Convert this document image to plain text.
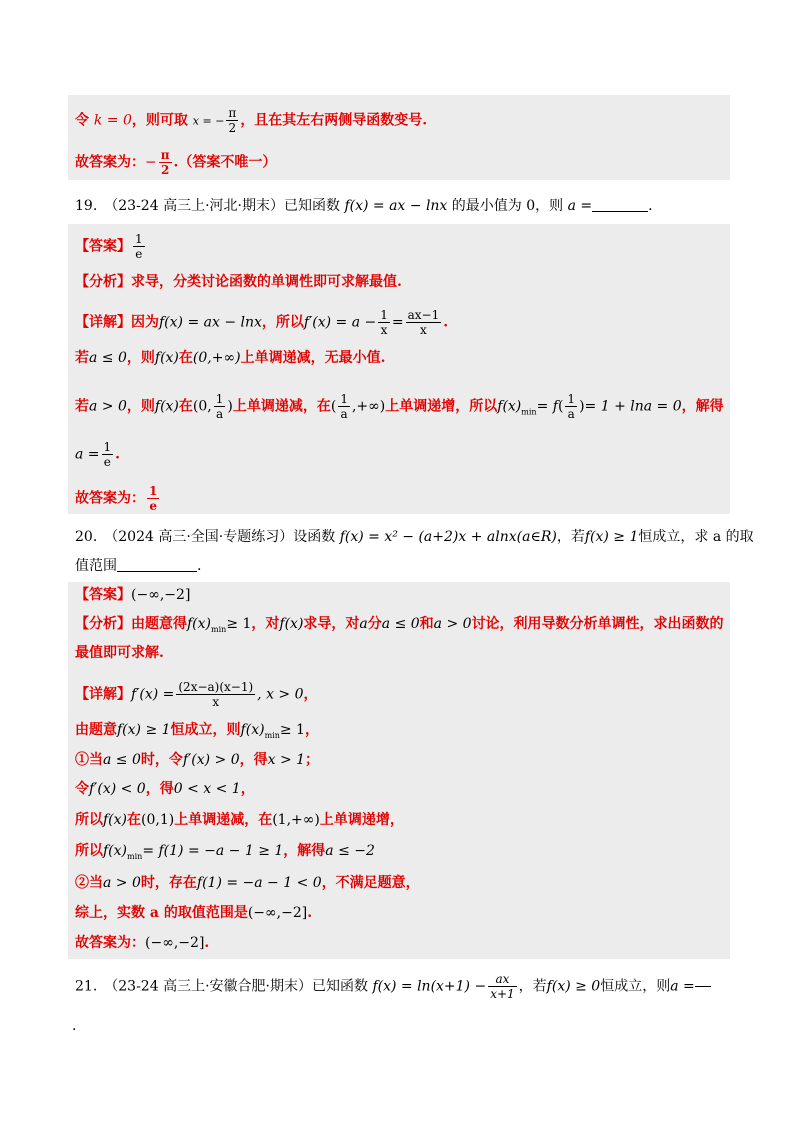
令 k = 0，则可取 x = − $\frac{\pi}{2}$ ，且在其左右两侧导函数变号.
故答案为：− $\frac{\pi}{2}$ .（答案不唯一）
19.　（23-24 高三上·河北·期末）已知函数 f(x) = ax − lnx 的最小值为 0，则 a =	.
【答案】 $\frac{1}{e}$
【分析】求导，分类讨论函数的单调性即可求解最值.
【详解】因为f(x) = ax − lnx，所以$f'(x) = a - \frac{1}{x} = \frac{ax-1}{x}$ .
若a ≤ 0，则f(x)在(0,+∞)上单调递减，无最小值.
若a > 0，则f(x)在(0, $\frac{1}{a}$ )上单调递减，在( $\frac{1}{a}$ ,+∞)上单调递增，所以$f(x)_{min}= f( \frac{1}{a}$ )= 1 + lna = 0，解得
$a = \frac{1}{e}$ .
故答案为： $\frac{1}{e}$
20.　（2024 高三·全国·专题练习）设函数 f(x) = x² − (a+2)x + alnx(a∈R)，若f(x) ≥ 1恒成立，求 a 的取
值范围	.
【答案】(−∞,−2]
【分析】由题意得$f(x)_{min}\ge 1$，对f(x)求导，对a分a ≤ 0和a > 0讨论，利用导数分析单调性，求出函数的
最值即可求解.
【详解】$f'(x) = \frac{(2x-a)(x-1)}{x}$ , x > 0，
由题意f(x) ≥ 1恒成立，则$f(x)_{min}\ge 1$，
①当a ≤ 0时，令f′(x) > 0，得x > 1；
令f′(x) < 0，得0 < x < 1，
所以f(x)在(0,1)上单调递减，在(1,+∞)上单调递增，
所以$f(x)_{min}= f(1) = -a - 1 \ge 1$，解得a ≤ −2
②当a > 0时，存在f(1) = −a − 1 < 0，不满足题意，
综上，实数 a 的取值范围是(−∞,−2].
故答案为：(−∞,−2].
21.　（23-24 高三上·安徽合肥·期末）已知函数 $f(x) = \ln(x+1) - \frac{ax}{x+1}$ ，若f(x) ≥ 0恒成立，则a =
.
